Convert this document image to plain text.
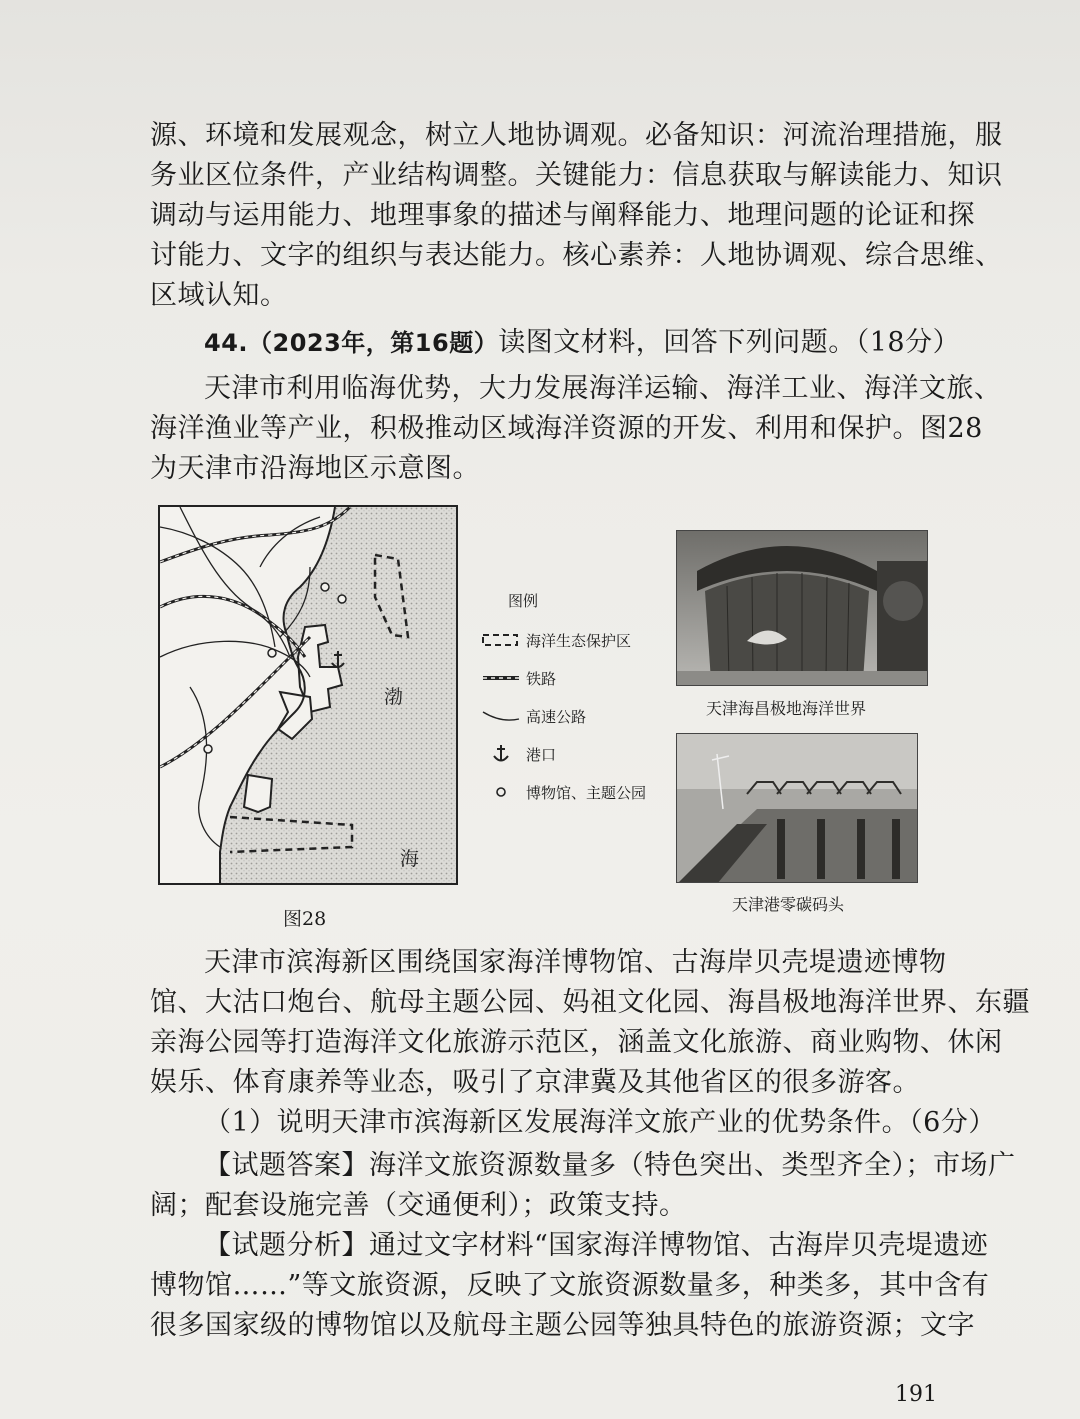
源、环境和发展观念，树立人地协调观。必备知识：河流治理措施，服
务业区位条件，产业结构调整。关键能力：信息获取与解读能力、知识
调动与运用能力、地理事象的描述与阐释能力、地理问题的论证和探
讨能力、文字的组织与表达能力。核心素养：人地协调观、综合思维、
区域认知。
44.（2023年，第16题）读图文材料，回答下列问题。（18分）
天津市利用临海优势，大力发展海洋运输、海洋工业、海洋文旅、
海洋渔业等产业，积极推动区域海洋资源的开发、利用和保护。图28
为天津市沿海地区示意图。
渤
海
图例
海洋生态保护区
铁路
高速公路
港口
博物馆、主题公园
图28
天津海昌极地海洋世界
天津港零碳码头
天津市滨海新区围绕国家海洋博物馆、古海岸贝壳堤遗迹博物
馆、大沽口炮台、航母主题公园、妈祖文化园、海昌极地海洋世界、东疆
亲海公园等打造海洋文化旅游示范区，涵盖文化旅游、商业购物、休闲
娱乐、体育康养等业态，吸引了京津冀及其他省区的很多游客。
（1）说明天津市滨海新区发展海洋文旅产业的优势条件。（6分）
【试题答案】海洋文旅资源数量多（特色突出、类型齐全）；市场广
阔；配套设施完善（交通便利）；政策支持。
【试题分析】通过文字材料“国家海洋博物馆、古海岸贝壳堤遗迹
博物馆……”等文旅资源，反映了文旅资源数量多，种类多，其中含有
很多国家级的博物馆以及航母主题公园等独具特色的旅游资源；文字
191
